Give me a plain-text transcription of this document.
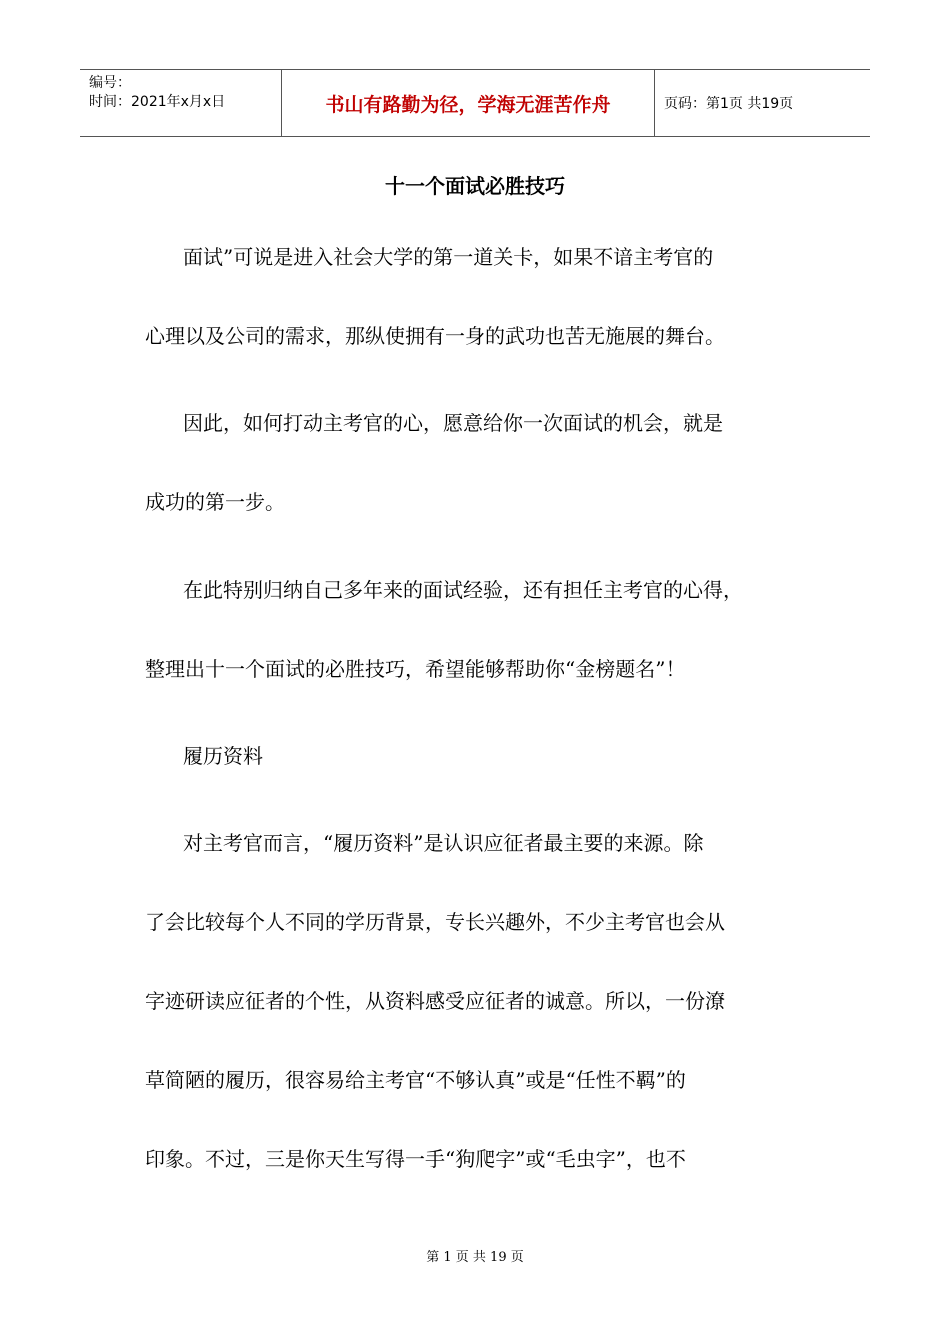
编号：
时间：2021年x月x日	书山有路勤为径，学海无涯苦作舟	页码：第1页 共19页
十一个面试必胜技巧
面试”可说是进入社会大学的第一道关卡，如果不谙主考官的
心理以及公司的需求，那纵使拥有一身的武功也苦无施展的舞台。
因此，如何打动主考官的心，愿意给你一次面试的机会，就是
成功的第一步。
在此特别归纳自己多年来的面试经验，还有担任主考官的心得，
整理出十一个面试的必胜技巧，希望能够帮助你“金榜题名”！
履历资料
对主考官而言，“履历资料”是认识应征者最主要的来源。除
了会比较每个人不同的学历背景，专长兴趣外，不少主考官也会从
字迹研读应征者的个性，从资料感受应征者的诚意。所以，一份潦
草简陋的履历，很容易给主考官“不够认真”或是“任性不羁”的
印象。不过，三是你天生写得一手“狗爬字”或“毛虫字”，也不
第 1 页 共 19 页
